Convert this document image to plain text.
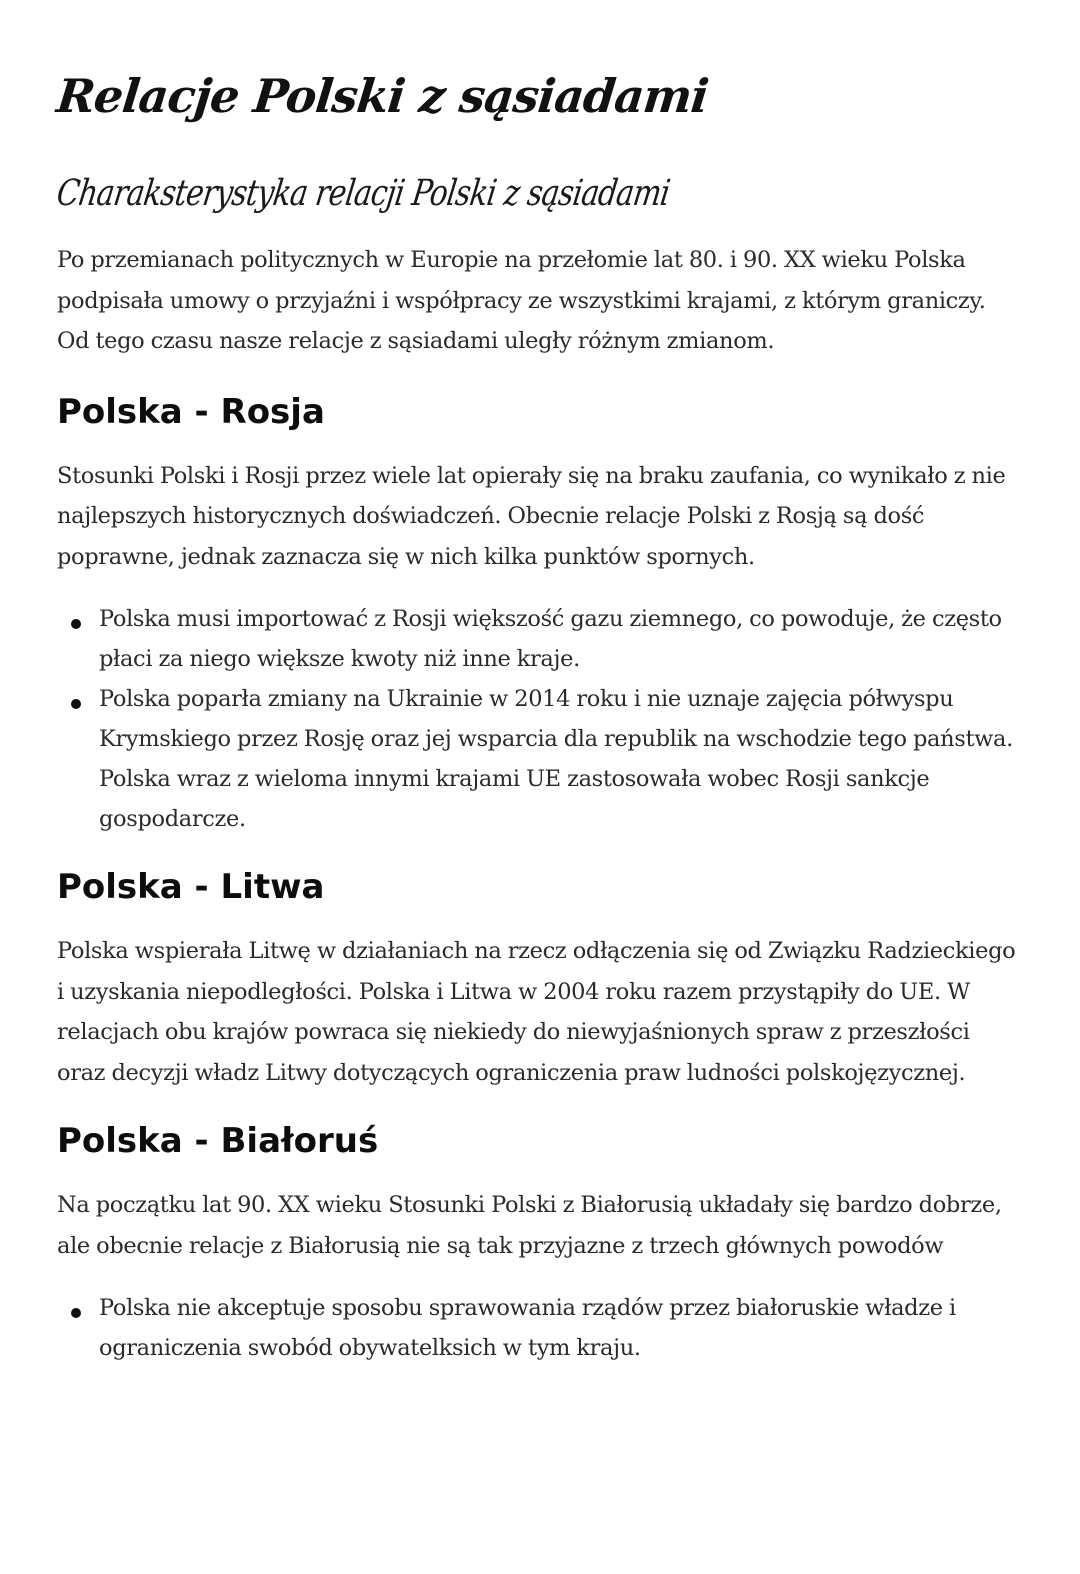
Relacje Polski z sąsiadami
Charaksterystyka relacji Polski z sąsiadami

Po przemianach politycznych w Europie na przełomie lat 80. i 90. XX wieku Polska podpisała umowy o przyjaźni i współpracy ze wszystkimi krajami, z którym graniczy. Od tego czasu nasze relacje z sąsiadami uległy różnym zmianom.

Polska - Rosja

Stosunki Polski i Rosji przez wiele lat opierały się na braku zaufania, co wynikało z nie najlepszych historycznych doświadczeń. Obecnie relacje Polski z Rosją są dość poprawne, jednak zaznacza się w nich kilka punktów spornych.

Polska musi importować z Rosji większość gazu ziemnego, co powoduje, że często płaci za niego większe kwoty niż inne kraje.
Polska poparła zmiany na Ukrainie w 2014 roku i nie uznaje zajęcia półwyspu Krymskiego przez Rosję oraz jej wsparcia dla republik na wschodzie tego państwa. Polska wraz z wieloma innymi krajami UE zastosowała wobec Rosji sankcje gospodarcze.
Polska - Litwa

Polska wspierała Litwę w działaniach na rzecz odłączenia się od Związku Radzieckiego i uzyskania niepodległości. Polska i Litwa w 2004 roku razem przystąpiły do UE. W relacjach obu krajów powraca się niekiedy do niewyjaśnionych spraw z przeszłości oraz decyzji władz Litwy dotyczących ograniczenia praw ludności polskojęzycznej.

Polska - Białoruś

Na początku lat 90. XX wieku Stosunki Polski z Białorusią układały się bardzo dobrze, ale obecnie relacje z Białorusią nie są tak przyjazne z trzech głównych powodów

Polska nie akceptuje sposobu sprawowania rządów przez białoruskie władze i ograniczenia swobód obywatelksich w tym kraju.
